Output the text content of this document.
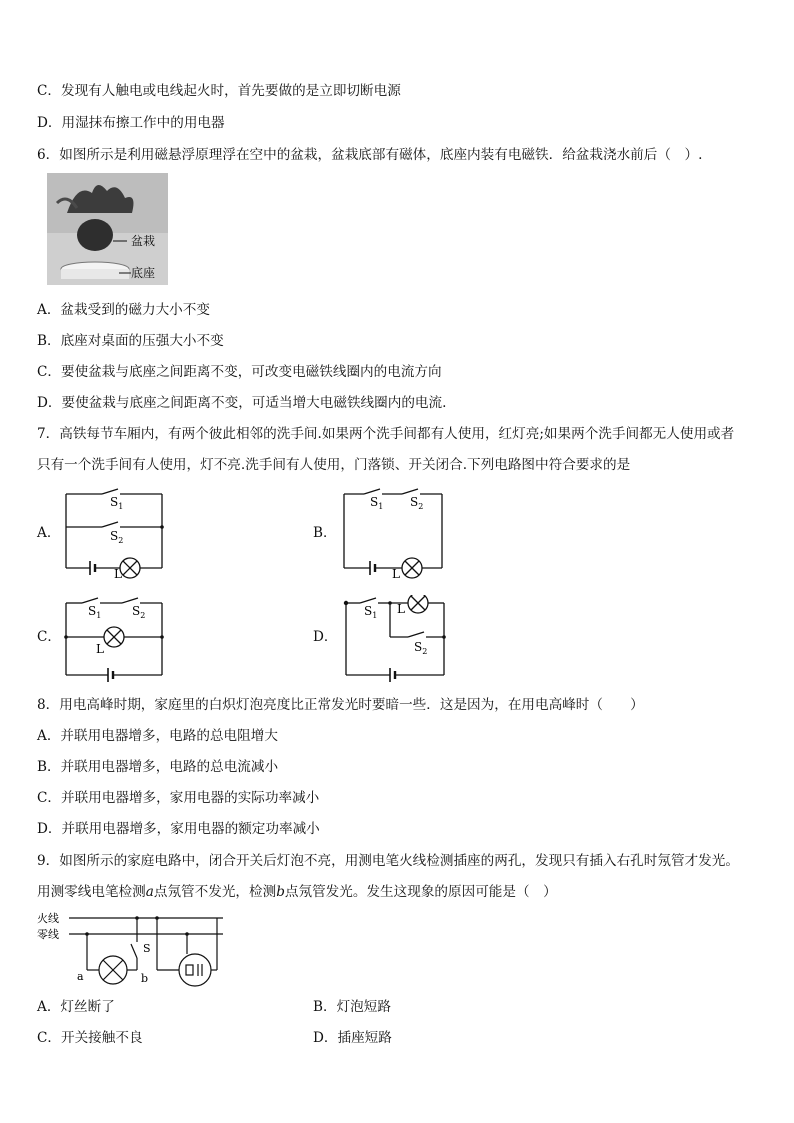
C．发现有人触电或电线起火时，首先要做的是立即切断电源
D．用湿抹布擦工作中的用电器
6．如图所示是利用磁悬浮原理浮在空中的盆栽，盆栽底部有磁体，底座内装有电磁铁．给盆栽浇水前后（　）.
盆栽
底座
A．盆栽受到的磁力大小不变
B．底座对桌面的压强大小不变
C．要使盆栽与底座之间距离不变，可改变电磁铁线圈内的电流方向
D．要使盆栽与底座之间距离不变，可适当增大电磁铁线圈内的电流.
7．高铁每节车厢内，有两个彼此相邻的洗手间.如果两个洗手间都有人使用，红灯亮;如果两个洗手间都无人使用或者
只有一个洗手间有人使用，灯不亮.洗手间有人使用，门落锁、开关闭合.下列电路图中符合要求的是
A．
$S_1$
$S_2$
L
B．
$S_1$ $S_2$
L
C．
$S_1$	$S_2$
L
D．
$S_1$
$S_2$
L
8．用电高峰时期，家庭里的白炽灯泡亮度比正常发光时要暗一些．这是因为，在用电高峰时（　　）
A．并联用电器增多，电路的总电阻增大
B．并联用电器增多，电路的总电流减小
C．并联用电器增多，家用电器的实际功率减小
D．并联用电器增多，家用电器的额定功率减小
9．如图所示的家庭电路中，闭合开关后灯泡不亮，用测电笔火线检测插座的两孔，发现只有插入右孔时氖管才发光。
用测零线电笔检测a点氖管不发光，检测b点氖管发光。发生这现象的原因可能是（　）
火线
零线
S
a	b
A．灯丝断了	B．灯泡短路
C．开关接触不良	D．插座短路
